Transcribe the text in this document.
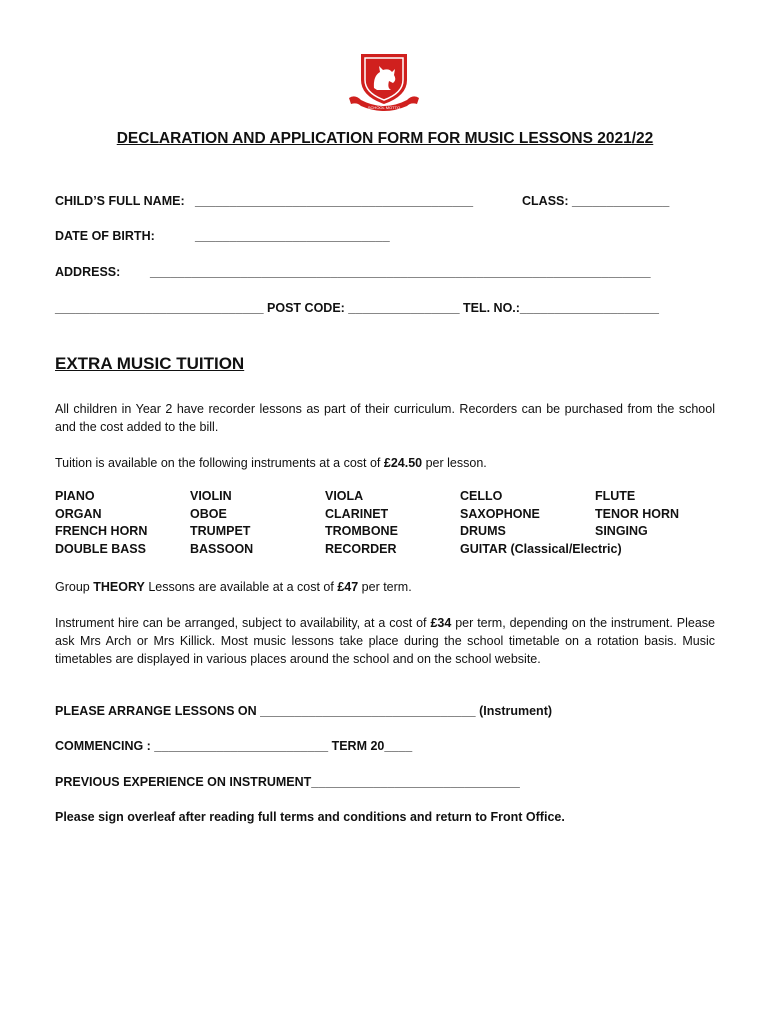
SCHOOL MOTTO
DECLARATION AND APPLICATION FORM FOR MUSIC LESSONS 2021/22
CHILD’S FULL NAME: ________________________________________	CLASS: ______________
DATE OF BIRTH:	____________________________
ADDRESS: ________________________________________________________________________
______________________________ POST CODE: ________________ TEL. NO.:____________________
EXTRA MUSIC TUITION
All children in Year 2 have recorder lessons as part of their curriculum. Recorders can be purchased from the school and the cost added to the bill.
Tuition is available on the following instruments at a cost of £24.50 per lesson.
PIANO	VIOLIN	VIOLA	CELLO	FLUTE
ORGAN	OBOE	CLARINET	SAXOPHONE	TENOR HORN
FRENCH HORN	TRUMPET	TROMBONE	DRUMS	SINGING
DOUBLE BASS	BASSOON	RECORDER	GUITAR (Classical/Electric)
Group THEORY Lessons are available at a cost of £47 per term.
Instrument hire can be arranged, subject to availability, at a cost of £34 per term, depending on the instrument. Please ask Mrs Arch or Mrs Killick. Most music lessons take place during the school timetable on a rotation basis. Music timetables are displayed in various places around the school and on the school website.
PLEASE ARRANGE LESSONS ON _______________________________ (Instrument)
COMMENCING : _________________________ TERM 20____
PREVIOUS EXPERIENCE ON INSTRUMENT______________________________
Please sign overleaf after reading full terms and conditions and return to Front Office.
